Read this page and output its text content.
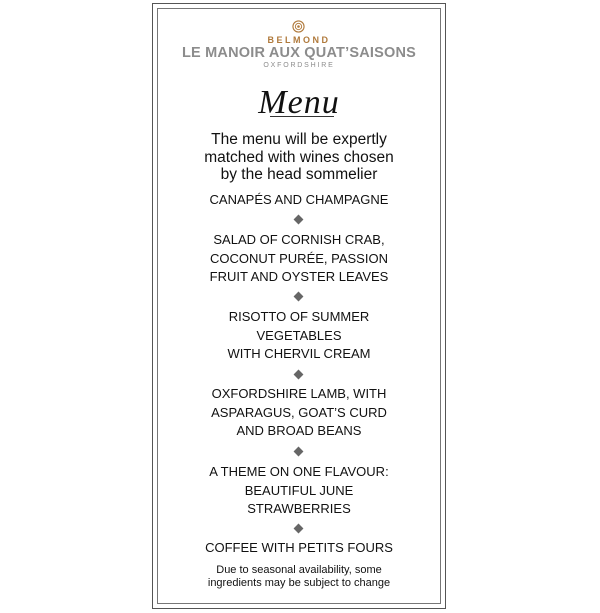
BELMOND
LE MANOIR AUX QUAT’SAISONS
OXFORDSHIRE
Menu
The menu will be expertly
matched with wines chosen
by the head sommelier
CANAPÉS AND CHAMPAGNE
SALAD OF CORNISH CRAB,
COCONUT PURÉE, PASSION
FRUIT AND OYSTER LEAVES
RISOTTO OF SUMMER
VEGETABLES
WITH CHERVIL CREAM
OXFORDSHIRE LAMB, WITH
ASPARAGUS, GOAT’S CURD
AND BROAD BEANS
A THEME ON ONE FLAVOUR:
BEAUTIFUL JUNE
STRAWBERRIES
COFFEE WITH PETITS FOURS
Due to seasonal availability, some
ingredients may be subject to change
